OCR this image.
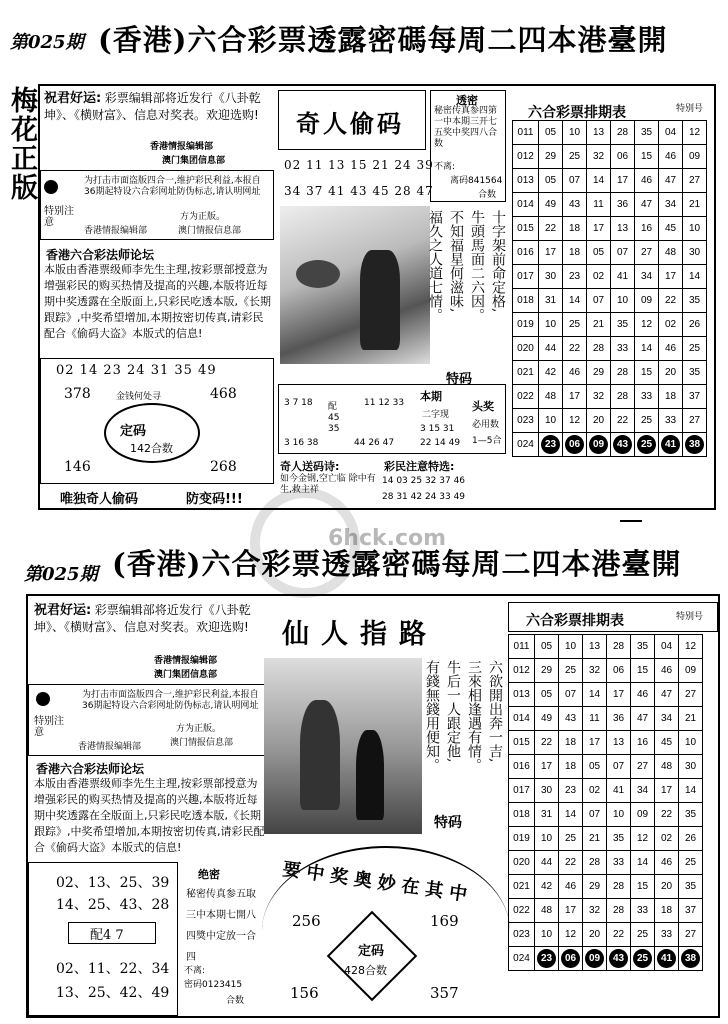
第025期 (香港)六合彩票透露密碼每周二四本港臺開
梅花正版 祝君好运: 彩票编辑部将近发行《八卦乾坤》、《横财富》、信息对奖表。欢迎选购!
香港情报编辑部
澳门集团信息部
特别注意
为打击市面盗版四合一,维护彩民利益,本报自36期起特设六合彩网址防伪标志,请认明网址
方为正版。
香港情报编辑部	澳门情报信息部
香港六合彩法师论坛
本版由香港票级师李先生主理,按彩票部授意为增强彩民的购买热情及提高的兴趣,本版将近每期中奖透露在全版面上,只彩民吃透本版,《长期跟踪》,中奖希望增加,本期按密切传真,请彩民配合《偷码大盗》本版式的信息!
02 14 23 24 31 35 49
金钱何处寻
378	468
146	268
定码
142合数
唯独奇人偷码	防变码!!!
奇人偷码
02 11 13 15 21 24 39
34 37 41 43 45 28 47
十字架前命定格,
牛頭馬面二六因。
不知福星何滋味,
福久之人道七情。
透密
秘密传真参四第一中本期三开七五奖中奖四八合数
不离:
离码841564
合数
特码
3 7 18
3 16 38
配45 35
11 12 33
44 26 47
本期
二字现
3 15 31
22 14 49
头奖
必用数
1—5合
奇人送码诗:
如今金钢,空亡临 除中有生,救主祥
彩民注意特选:
14 03 25 32 37 46
28 31 42 24 33 49
六合彩票排期表	特别号
011	05	10	13	28	35	04	12
012	29	25	32	06	15	46	09
013	05	07	14	17	46	47	27
014	49	43	11	36	47	34	21
015	22	18	17	13	16	45	10
016	17	18	05	07	27	48	30
017	30	23	02	41	34	17	14
018	31	14	07	10	09	22	35
019	10	25	21	35	12	02	26
020	44	22	28	33	14	46	25
021	42	46	29	28	15	20	35
022	48	17	32	28	33	18	37
023	10	12	20	22	25	33	27
024	23	06	09	43	25	41	38
第025期 (香港)六合彩票透露密碼每周二四本港臺開
祝君好运: 彩票编辑部将近发行《八卦乾坤》、《横财富》、信息对奖表。欢迎选购!
香港情报编辑部
澳门集团信息部
特别注意
为打击市面盗版四合一,维护彩民利益,本报自36期起特设六合彩网址防伪标志,请认明网址
方为正版。
香港情报编辑部	澳门情报信息部
香港六合彩法师论坛
本版由香港票级师李先生主理,按彩票部授意为增强彩民的购买热情及提高的兴趣,本版将近每期中奖透露在全版面上,只彩民吃透本版,《长期跟踪》,中奖希望增加,本期按密切传真,请彩民配合《偷码大盗》本版式的信息!
02、13、25、39
14、25、43、28
配4 7
02、11、22、34
13、25、42、49
绝密
秘密传真参五取三中本期七開八四獎中定放一合四
不离:
密码0123415
合数
仙人指路
六欲開出奔一吉,
三來相逢遇有情。
牛后一人跟定他,
有錢無錢用便知。
特码
要中奖奥妙在其中
256	169
156	357
定码
428合数
六合彩票排期表	特别号
011	05	10	13	28	35	04	12
012	29	25	32	06	15	46	09
013	05	07	14	17	46	47	27
014	49	43	11	36	47	34	21
015	22	18	17	13	16	45	10
016	17	18	05	07	27	48	30
017	30	23	02	41	34	17	14
018	31	14	07	10	09	22	35
019	10	25	21	35	12	02	26
020	44	22	28	33	14	46	25
021	42	46	29	28	15	20	35
022	48	17	32	28	33	18	37
023	10	12	20	22	25	33	27
024	23	06	09	43	25	41	38
6hck.com
